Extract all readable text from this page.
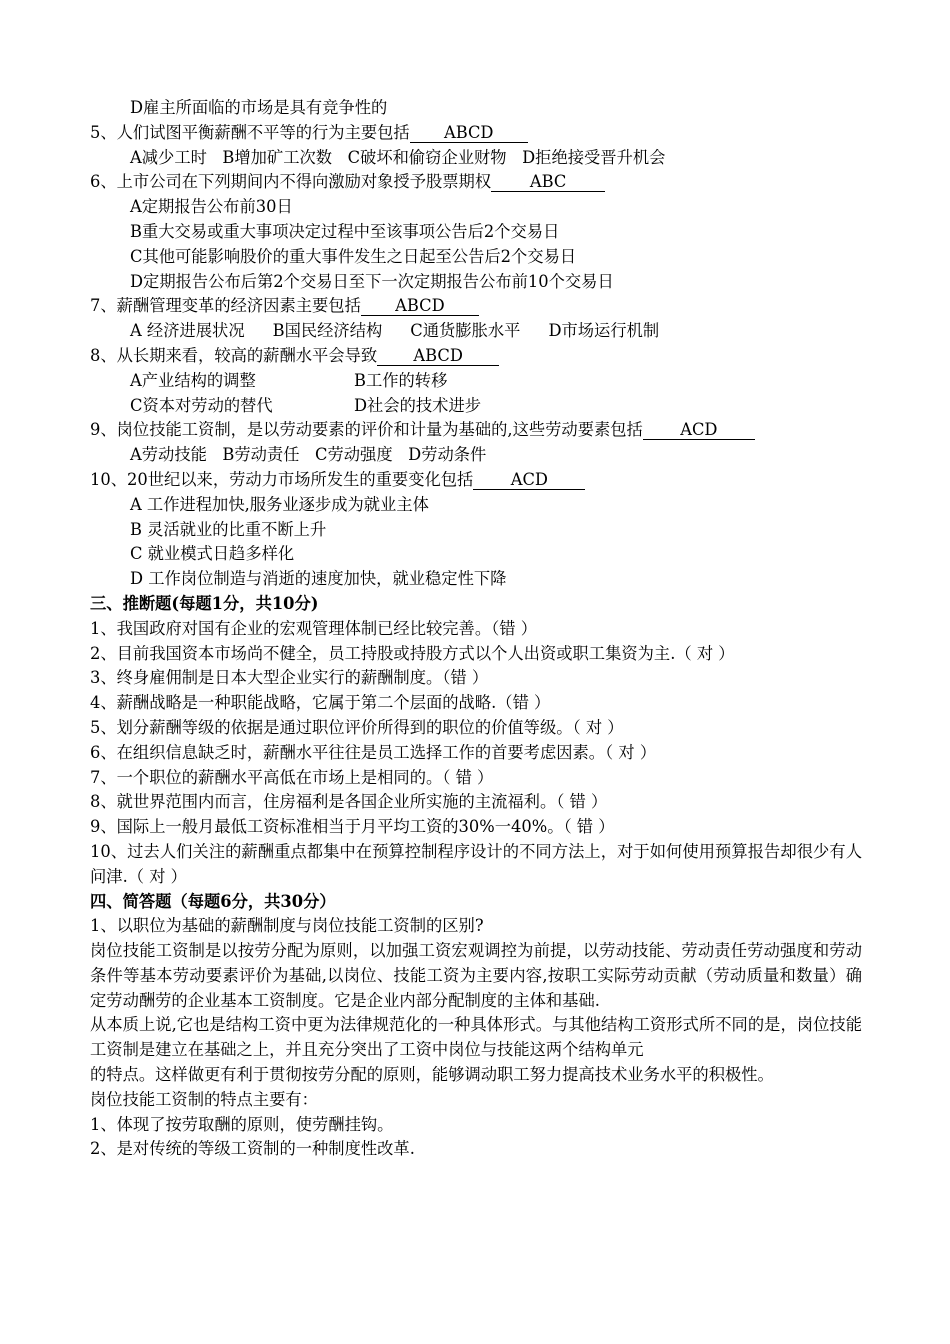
D雇主所面临的市场是具有竞争性的
5、人们试图平衡薪酬不平等的行为主要包括 ABCD
A减少工时   B增加矿工次数   C破坏和偷窃企业财物   D拒绝接受晋升机会
6、上市公司在下列期间内不得向激励对象授予股票期权 ABC
A定期报告公布前30日
B重大交易或重大事项决定过程中至该事项公告后2个交易日
C其他可能影响股价的重大事件发生之日起至公告后2个交易日
D定期报告公布后第2个交易日至下一次定期报告公布前10个交易日
7、薪酬管理变革的经济因素主要包括 ABCD
A 经济进展状况 B国民经济结构 C通货膨胀水平 D市场运行机制
8、从长期来看，较高的薪酬水平会导致 ABCD
A产业结构的调整	B工作的转移
C资本对劳动的替代	D社会的技术进步
9、岗位技能工资制，是以劳动要素的评价和计量为基础的,这些劳动要素包括 ACD
A劳动技能   B劳动责任   C劳动强度   D劳动条件
10、20世纪以来，劳动力市场所发生的重要变化包括 ACD
A 工作进程加快,服务业逐步成为就业主体
B 灵活就业的比重不断上升
C 就业模式日趋多样化
D 工作岗位制造与消逝的速度加快，就业稳定性下降
三、推断题(每题1分，共10分)
1、我国政府对国有企业的宏观管理体制已经比较完善。（错 ）
2、目前我国资本市场尚不健全，员工持股或持股方式以个人出资或职工集资为主.（ 对 ）
3、终身雇佣制是日本大型企业实行的薪酬制度。（错 ）
4、薪酬战略是一种职能战略，它属于第二个层面的战略.（错 ）
5、划分薪酬等级的依据是通过职位评价所得到的职位的价值等级。（ 对 ）
6、在组织信息缺乏时，薪酬水平往往是员工选择工作的首要考虑因素。（ 对 ）
7、一个职位的薪酬水平高低在市场上是相同的。（ 错 ）
8、就世界范围内而言，住房福利是各国企业所实施的主流福利。（ 错 ）
9、国际上一般月最低工资标准相当于月平均工资的30%一40%。（ 错 ）
10、过去人们关注的薪酬重点都集中在预算控制程序设计的不同方法上，对于如何使用预算报告却很少有人问津.（ 对 ）
四、简答题（每题6分，共30分）
1、以职位为基础的薪酬制度与岗位技能工资制的区别?
岗位技能工资制是以按劳分配为原则，以加强工资宏观调控为前提，以劳动技能、劳动责任劳动强度和劳动条件等基本劳动要素评价为基础,以岗位、技能工资为主要内容,按职工实际劳动贡献（劳动质量和数量）确定劳动酬劳的企业基本工资制度。它是企业内部分配制度的主体和基础.
从本质上说,它也是结构工资中更为法律规范化的一种具体形式。与其他结构工资形式所不同的是，岗位技能工资制是建立在基础之上，并且充分突出了工资中岗位与技能这两个结构单元
的特点。这样做更有利于贯彻按劳分配的原则，能够调动职工努力提高技术业务水平的积极性。
岗位技能工资制的特点主要有：
1、体现了按劳取酬的原则，使劳酬挂钩。
2、是对传统的等级工资制的一种制度性改革.
